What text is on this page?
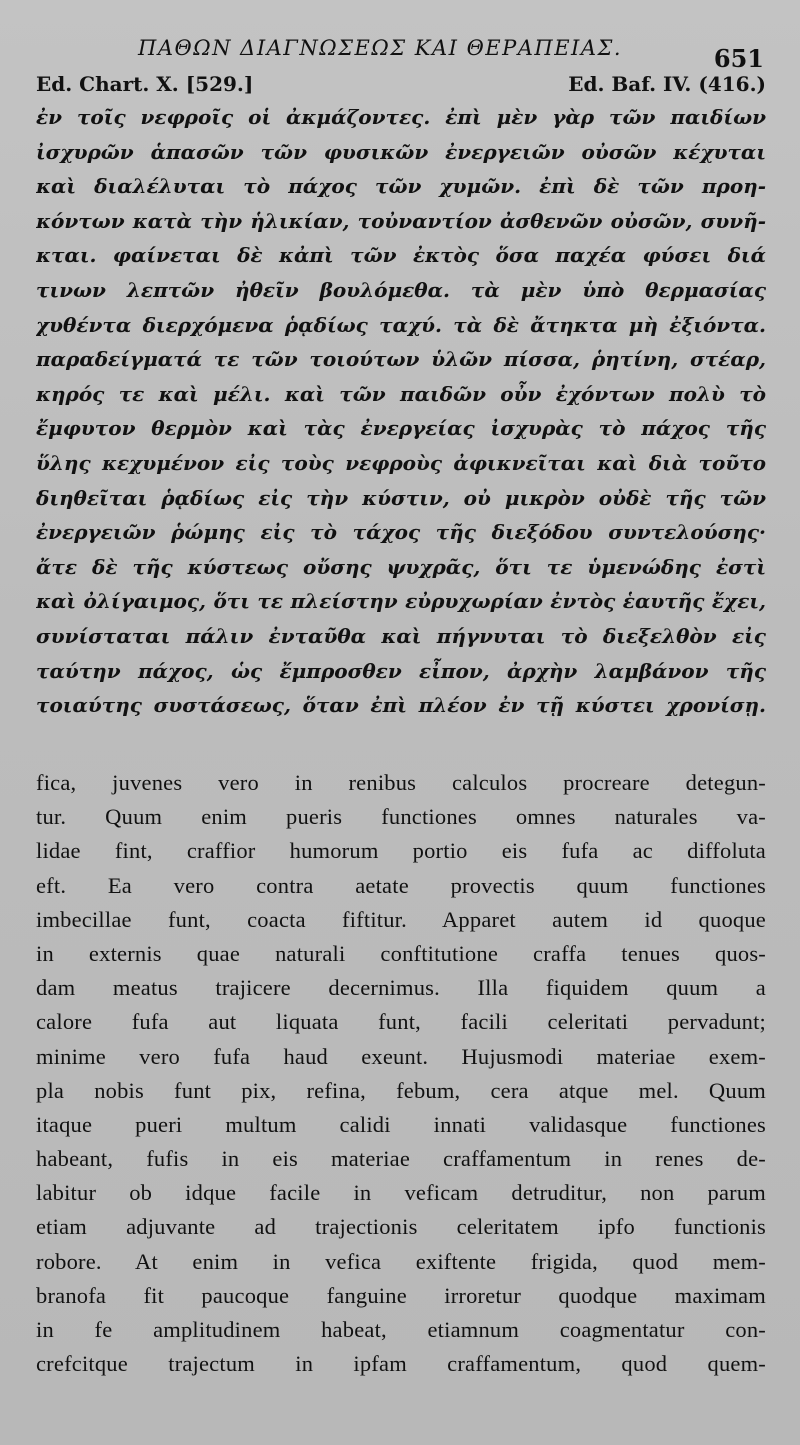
ΠΑΘΩΝ ΔΙΑΓΝΩΣΕΩΣ ΚΑΙ ΘΕΡΑΠΕΙΑΣ.	651
Ed. Chart. X. [529.]	Ed. Baf. IV. (416.)
ἐν τοῖς νεφροῖς οἱ ἀκμάζοντες. ἐπὶ μὲν γὰρ τῶν παιδίων
ἰσχυρῶν ἁπασῶν τῶν φυσικῶν ἐνεργειῶν οὐσῶν κέχυται
καὶ διαλέλυται τὸ πάχος τῶν χυμῶν. ἐπὶ δὲ τῶν προη-
κόντων κατὰ τὴν ἡλικίαν, τοὐναντίον ἀσθενῶν οὐσῶν, συνῆ-
κται. φαίνεται δὲ κἀπὶ τῶν ἐκτὸς ὅσα παχέα φύσει διά
τινων λεπτῶν ἠθεῖν βουλόμεθα. τὰ μὲν ὑπὸ θερμασίας
χυθέντα διερχόμενα ῥᾳδίως ταχύ. τὰ δὲ ἄτηκτα μὴ ἐξιόντα.
παραδείγματά τε τῶν τοιούτων ὑλῶν πίσσα, ῥητίνη, στέαρ,
κηρός τε καὶ μέλι. καὶ τῶν παιδῶν οὖν ἐχόντων πολὺ τὸ
ἔμφυτον θερμὸν καὶ τὰς ἐνεργείας ἰσχυρὰς τὸ πάχος τῆς
ὕλης κεχυμένον εἰς τοὺς νεφροὺς ἀφικνεῖται καὶ διὰ τοῦτο
διηθεῖται ῥᾳδίως εἰς τὴν κύστιν, οὐ μικρὸν οὐδὲ τῆς τῶν
ἐνεργειῶν ῥώμης εἰς τὸ τάχος τῆς διεξόδου συντελούσης·
ἄτε δὲ τῆς κύστεως οὔσης ψυχρᾶς, ὅτι τε ὑμενώδης ἐστὶ
καὶ ὀλίγαιμος, ὅτι τε πλείστην εὐρυχωρίαν ἐντὸς ἑαυτῆς ἔχει,
συνίσταται πάλιν ἐνταῦθα καὶ πήγνυται τὸ διεξελθὸν εἰς
ταύτην πάχος, ὡς ἔμπροσθεν εἶπον, ἀρχὴν λαμβάνον τῆς
τοιαύτης συστάσεως, ὅταν ἐπὶ πλέον ἐν τῇ κύστει χρονίσῃ.
fica, juvenes vero in renibus calculos procreare detegun-
tur. Quum enim pueris functiones omnes naturales va-
lidae fint, craffior humorum portio eis fufa ac diffoluta
eft. Ea vero contra aetate provectis quum functiones
imbecillae funt, coacta fiftitur. Apparet autem id quoque
in externis quae naturali conftitutione craffa tenues quos-
dam meatus trajicere decernimus. Illa fiquidem quum a
calore fufa aut liquata funt, facili celeritati pervadunt;
minime vero fufa haud exeunt. Hujusmodi materiae exem-
pla nobis funt pix, refina, febum, cera atque mel. Quum
itaque pueri multum calidi innati validasque functiones
habeant, fufis in eis materiae craffamentum in renes de-
labitur ob idque facile in veficam detruditur, non parum
etiam adjuvante ad trajectionis celeritatem ipfo functionis
robore. At enim in vefica exiftente frigida, quod mem-
branofa fit paucoque fanguine irroretur quodque maximam
in fe amplitudinem habeat, etiamnum coagmentatur con-
crefcitque trajectum in ipfam craffamentum, quod quem-
